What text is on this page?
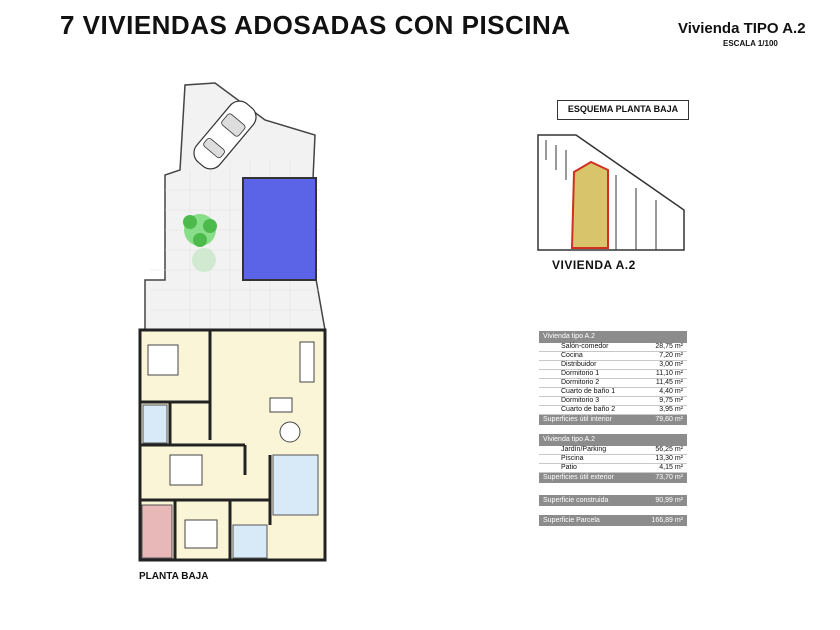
7 VIVIENDAS ADOSADAS CON PISCINA	Vivienda TIPO A.2
ESCALA 1/100
PLANTA BAJA
ESQUEMA PLANTA BAJA
VIVIENDA A.2
Vivienda tipo A.2
Salón-comedor	28,75 m²
Cocina	7,20 m²
Distribuidor	3,00 m²
Dormitorio 1	11,10 m²
Dormitorio 2	11,45 m²
Cuarto de baño 1	4,40 m²
Dormitorio 3	9,75 m²
Cuarto de baño 2	3,95 m²
Superficies útil interior	79,60 m²
Vivienda tipo A.2
Jardín/Parking	56,25 m²
Piscina	13,30 m²
Patio	4,15 m²
Superficies útil exterior	73,70 m²
Superficie construida	90,99 m²
Superficie Parcela	166,89 m²
